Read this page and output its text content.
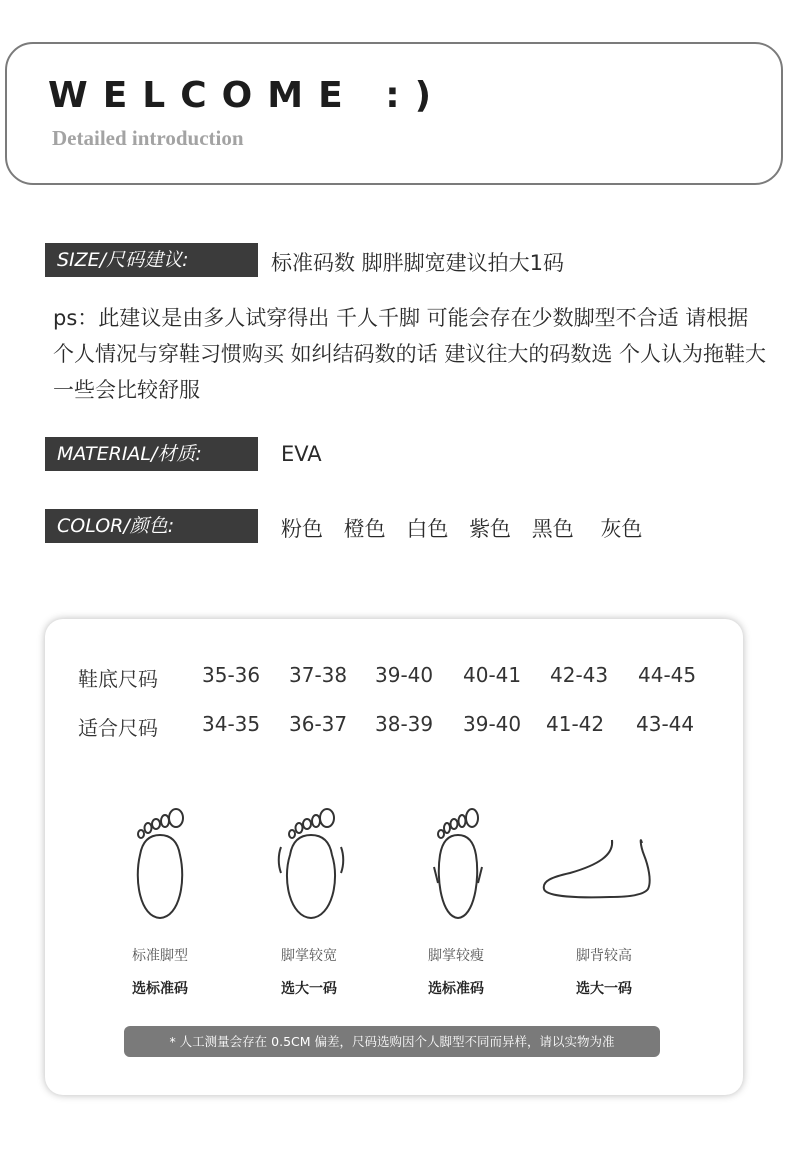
WELCOME :)
Detailed introduction
SIZE/尺码建议:	标准码数 脚胖脚宽建议拍大1码
ps：此建议是由多人试穿得出 千人千脚 可能会存在少数脚型不合适 请根据个人情况与穿鞋习惯购买 如纠结码数的话 建议往大的码数选 个人认为拖鞋大一些会比较舒服
MATERIAL/材质:	EVA
COLOR/颜色:	粉色 橙色 白色 紫色 黑色 灰色
鞋底尺码 35-36 37-38 39-40 40-41 42-43 44-45
适合尺码 34-35 36-37 38-39 39-40 41-42 43-44
标准脚型
选标准码
脚掌较宽
选大一码
脚掌较瘦
选标准码
脚背较高
选大一码
* 人工测量会存在 0.5CM 偏差，尺码选购因个人脚型不同而异样，请以实物为准
